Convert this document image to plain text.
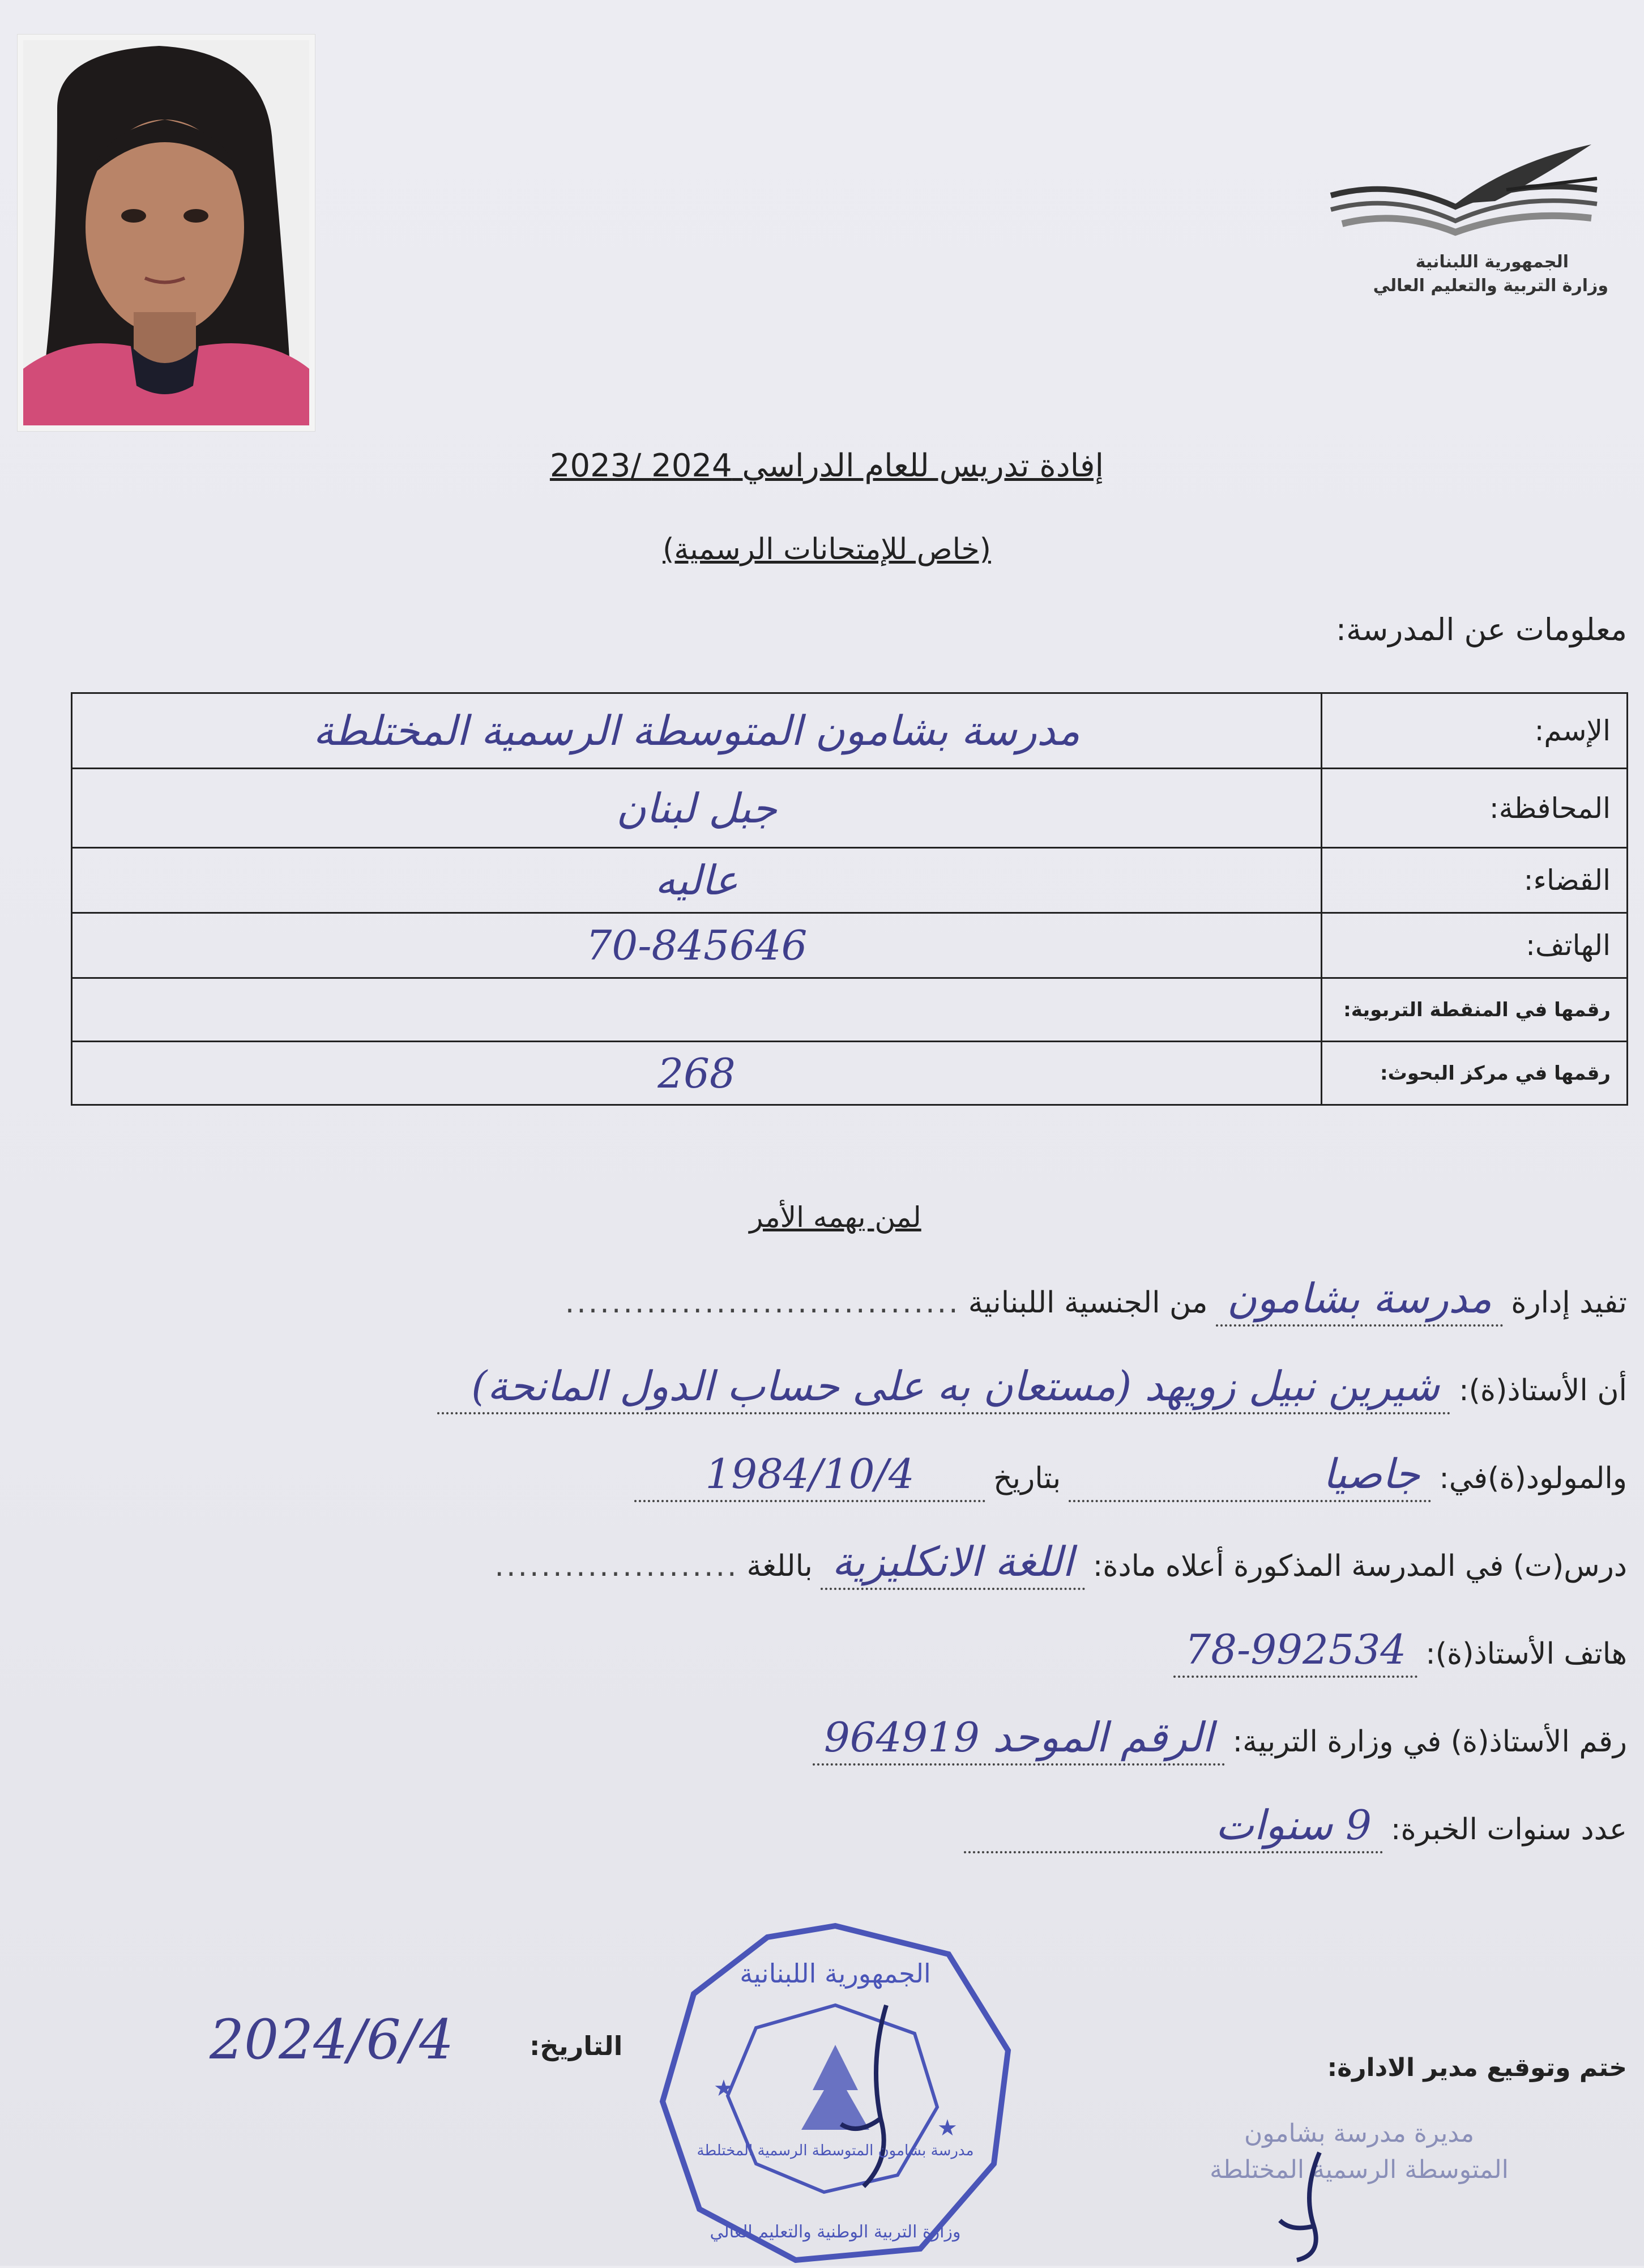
الجمهورية اللبنانية
وزارة التربية والتعليم العالي
إفادة تدريس للعام الدراسي 2024 /2023
(خاص للإمتحانات الرسمية)
معلومات عن المدرسة:
الإسم:
مدرسة بشامون المتوسطة الرسمية المختلطة
المحافظة:
جبل لبنان
القضاء:
عاليه
الهاتف:
70-845646
رقمها في المنقطة التربوية:
رقمها في مركز البحوث:
268
لمن يهمه الأمر
تفيد إدارة
مدرسة بشامون
من الجنسية اللبنانية
..................................
أن الأستاذ(ة):
شيرين نبيل زويهد (مستعان به على حساب الدول المانحة)
والمولود(ة)في:
جاصيا
بتاريخ
1984/10/4
درس(ت) في المدرسة المذكورة أعلاه مادة:
اللغة الانكليزية
باللغة
.....................
هاتف الأستاذ(ة):
78-992534
رقم الأستاذ(ة) في وزارة التربية:
الرقم الموحد 964919
عدد سنوات الخبرة:
9 سنوات
2024/6/4	التاريخ:
ختم وتوقيع مدير الادارة:
★
★
الجمهورية اللبنانية
مدرسة بشامون المتوسطة الرسمية المختلطة
وزارة التربية الوطنية والتعليم العالي
مديرة مدرسة بشامون
المتوسطة الرسمية المختلطة
